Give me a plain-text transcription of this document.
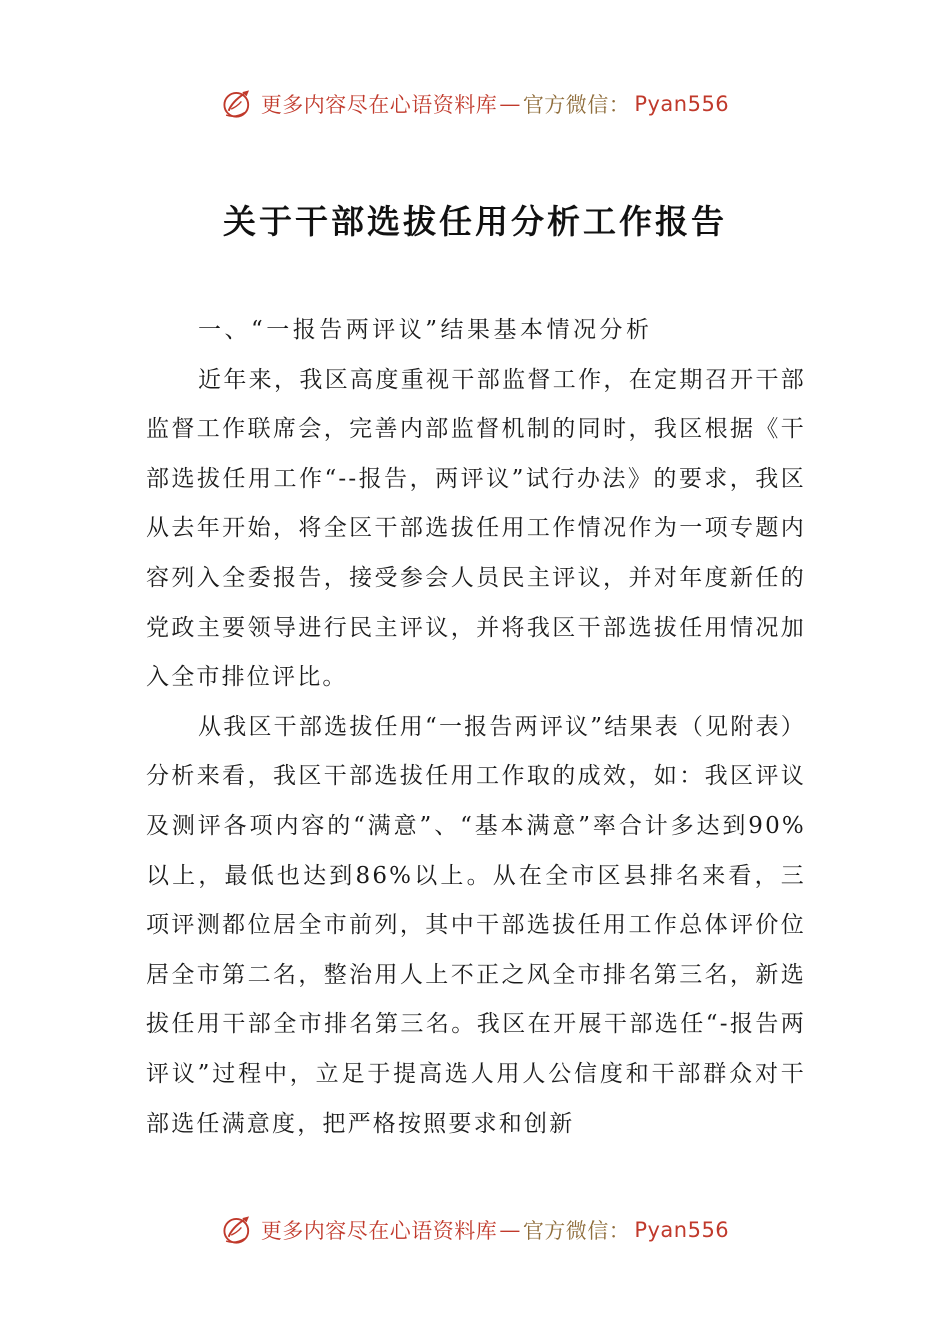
更多内容尽在心语资料库 — 官方微信： Pyan556
关于干部选拔任用分析工作报告

一、“一报告两评议”结果基本情况分析

近年来，我区高度重视干部监督工作，在定期召开干部监督工作联席会，完善内部监督机制的同时，我区根据《干部选拔任用工作“--报告，两评议”试行办法》的要求，我区从去年开始，将全区干部选拔任用工作情况作为一项专题内容列入全委报告，接受参会人员民主评议，并对年度新任的党政主要领导进行民主评议，并将我区干部选拔任用情况加入全市排位评比。

从我区干部选拔任用“一报告两评议”结果表（见附表）分析来看，我区干部选拔任用工作取的成效，如：我区评议及测评各项内容的“满意”、“基本满意”率合计多达到90%以上，最低也达到86%以上。从在全市区县排名来看，三项评测都位居全市前列，其中干部选拔任用工作总体评价位居全市第二名，整治用人上不正之风全市排名第三名，新选拔任用干部全市排名第三名。我区在开展干部选任“-报告两评议”过程中，立足于提高选人用人公信度和干部群众对干部选任满意度，把严格按照要求和创新

更多内容尽在心语资料库 — 官方微信： Pyan556
